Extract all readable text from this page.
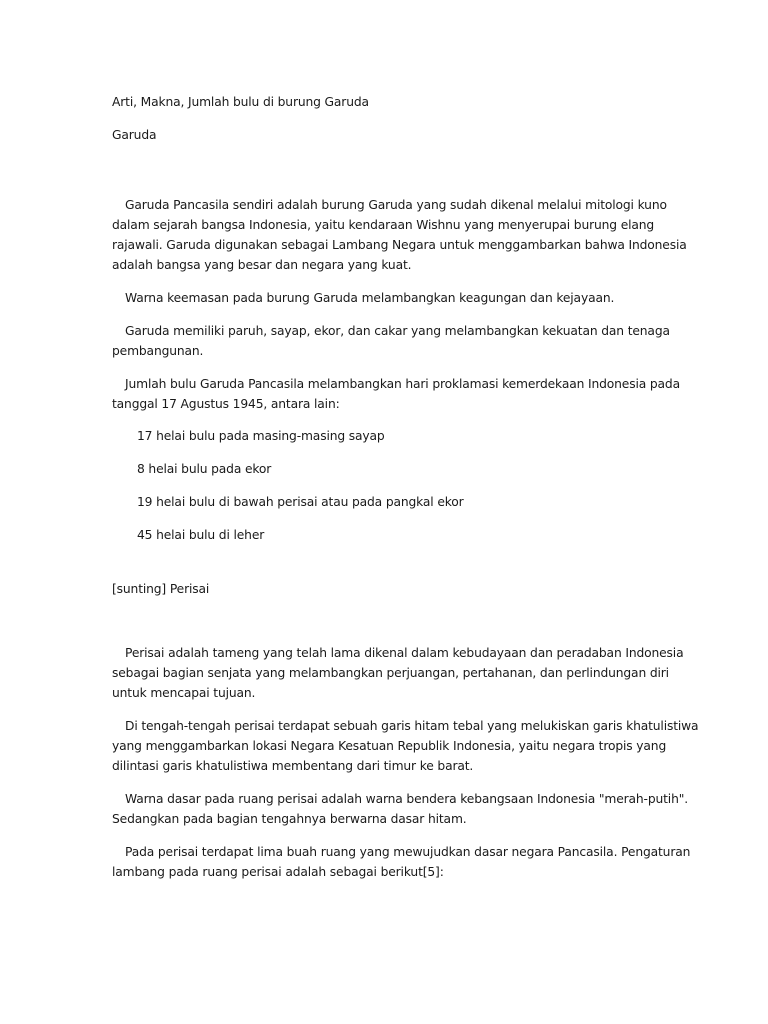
Arti, Makna, Jumlah bulu di burung Garuda

Garuda

Garuda Pancasila sendiri adalah burung Garuda yang sudah dikenal melalui mitologi kuno

dalam sejarah bangsa Indonesia, yaitu kendaraan Wishnu yang menyerupai burung elang

rajawali. Garuda digunakan sebagai Lambang Negara untuk menggambarkan bahwa Indonesia

adalah bangsa yang besar dan negara yang kuat.

Warna keemasan pada burung Garuda melambangkan keagungan dan kejayaan.

Garuda memiliki paruh, sayap, ekor, dan cakar yang melambangkan kekuatan dan tenaga

pembangunan.

Jumlah bulu Garuda Pancasila melambangkan hari proklamasi kemerdekaan Indonesia pada

tanggal 17 Agustus 1945, antara lain:

17 helai bulu pada masing-masing sayap

8 helai bulu pada ekor

19 helai bulu di bawah perisai atau pada pangkal ekor

45 helai bulu di leher

[sunting] Perisai

Perisai adalah tameng yang telah lama dikenal dalam kebudayaan dan peradaban Indonesia

sebagai bagian senjata yang melambangkan perjuangan, pertahanan, dan perlindungan diri

untuk mencapai tujuan.

Di tengah-tengah perisai terdapat sebuah garis hitam tebal yang melukiskan garis khatulistiwa

yang menggambarkan lokasi Negara Kesatuan Republik Indonesia, yaitu negara tropis yang

dilintasi garis khatulistiwa membentang dari timur ke barat.

Warna dasar pada ruang perisai adalah warna bendera kebangsaan Indonesia "merah-putih".

Sedangkan pada bagian tengahnya berwarna dasar hitam.

Pada perisai terdapat lima buah ruang yang mewujudkan dasar negara Pancasila. Pengaturan

lambang pada ruang perisai adalah sebagai berikut[5]:
